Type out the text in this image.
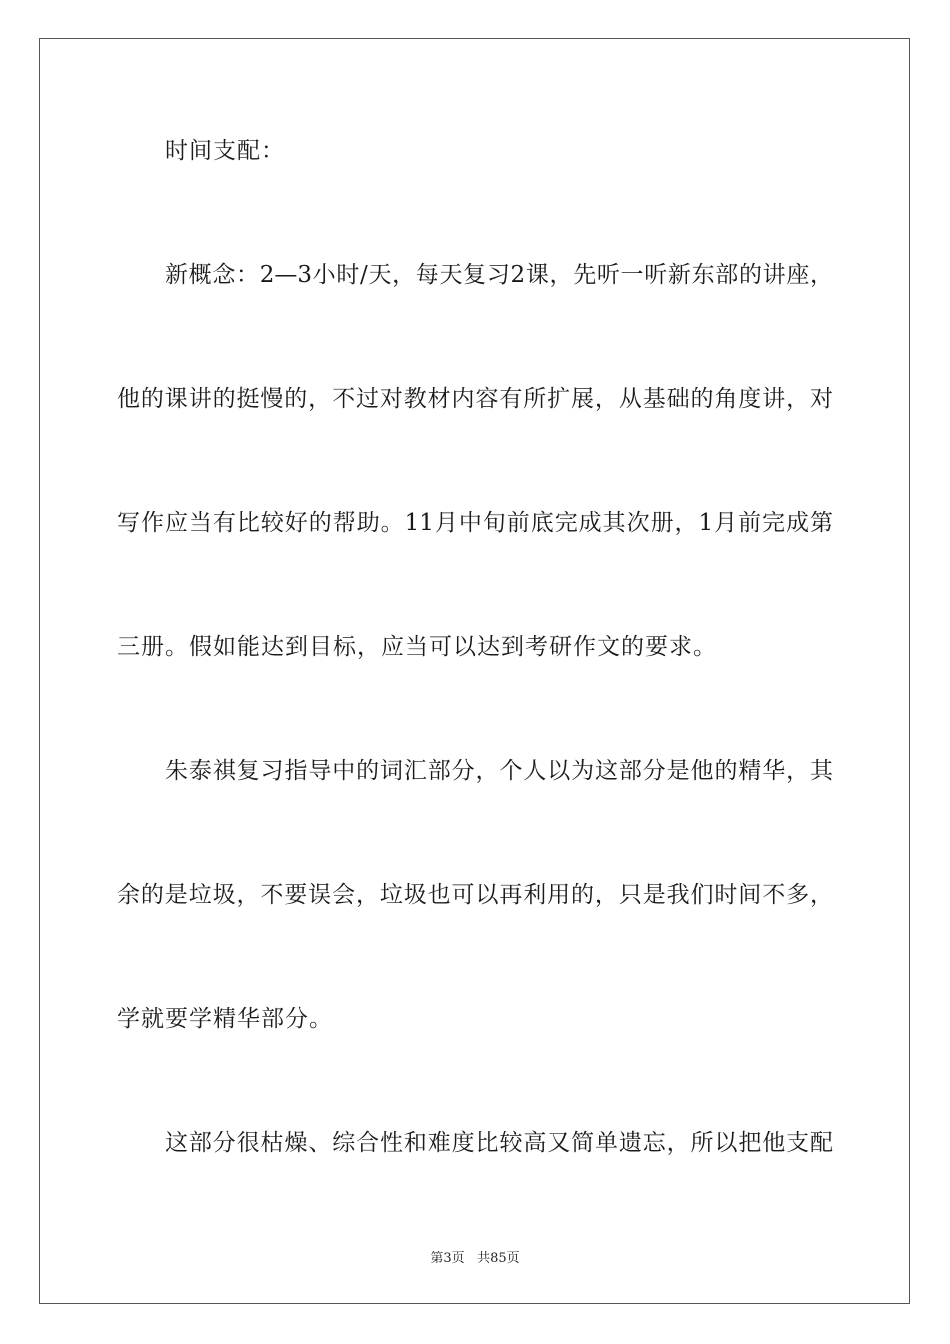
时间支配：
新概念：2—3小时/天，每天复习2课，先听一听新东部的讲座，
他的课讲的挺慢的，不过对教材内容有所扩展，从基础的角度讲，对
写作应当有比较好的帮助。11月中旬前底完成其次册，1月前完成第
三册。假如能达到目标，应当可以达到考研作文的要求。
朱泰祺复习指导中的词汇部分，个人以为这部分是他的精华，其
余的是垃圾，不要误会，垃圾也可以再利用的，只是我们时间不多，
学就要学精华部分。
这部分很枯燥、综合性和难度比较高又简单遗忘，所以把他支配
第3页 共85页
